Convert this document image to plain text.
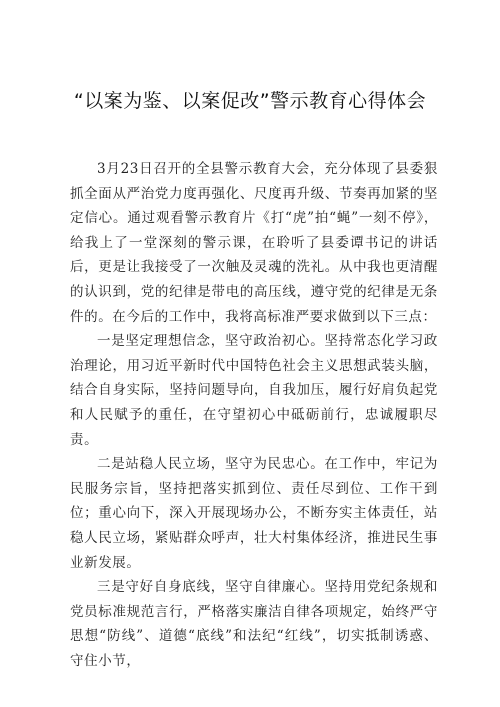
“以案为鉴、以案促改”警示教育心得体会

3月23日召开的全县警示教育大会，充分体现了县委狠抓全面从严治党力度再强化、尺度再升级、节奏再加紧的坚定信心。通过观看警示教育片《打“虎”拍“蝇”一刻不停》，给我上了一堂深刻的警示课，在聆听了县委谭书记的讲话后，更是让我接受了一次触及灵魂的洗礼。从中我也更清醒的认识到，党的纪律是带电的高压线，遵守党的纪律是无条件的。在今后的工作中，我将高标准严要求做到以下三点：

一是坚定理想信念，坚守政治初心。坚持常态化学习政治理论，用习近平新时代中国特色社会主义思想武装头脑，结合自身实际，坚持问题导向，自我加压，履行好肩负起党和人民赋予的重任，在守望初心中砥砺前行，忠诚履职尽责。

二是站稳人民立场，坚守为民忠心。在工作中，牢记为民服务宗旨，坚持把落实抓到位、责任尽到位、工作干到位；重心向下，深入开展现场办公，不断夯实主体责任，站稳人民立场，紧贴群众呼声，壮大村集体经济，推进民生事业新发展。

三是守好自身底线，坚守自律廉心。坚持用党纪条规和党员标准规范言行，严格落实廉洁自律各项规定，始终严守思想“防线”、道德“底线”和法纪“红线”，切实抵制诱惑、守住小节，
